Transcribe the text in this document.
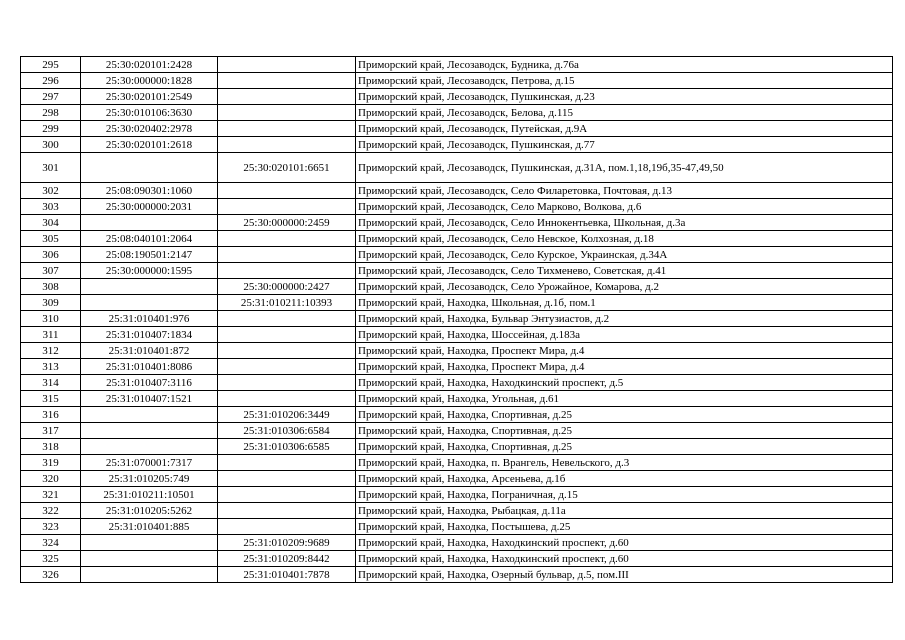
295	25:30:020101:2428		Приморский край, Лесозаводск, Будника, д.76а
296	25:30:000000:1828		Приморский край, Лесозаводск, Петрова, д.15
297	25:30:020101:2549		Приморский край, Лесозаводск, Пушкинская, д.23
298	25:30:010106:3630		Приморский край, Лесозаводск, Белова, д.115
299	25:30:020402:2978		Приморский край, Лесозаводск, Путейская, д.9А
300	25:30:020101:2618		Приморский край, Лесозаводск, Пушкинская, д.77
301		25:30:020101:6651	Приморский край, Лесозаводск, Пушкинская, д.31А, пом.1,18,19б,35-47,49,50
302	25:08:090301:1060		Приморский край, Лесозаводск, Село Филаретовка, Почтовая, д.13
303	25:30:000000:2031		Приморский край, Лесозаводск, Село Марково, Волкова, д.6
304		25:30:000000:2459	Приморский край, Лесозаводск, Село Иннокентьевка, Школьная, д.3а
305	25:08:040101:2064		Приморский край, Лесозаводск, Село Невское, Колхозная, д.18
306	25:08:190501:2147		Приморский край, Лесозаводск, Село Курское, Украинская, д.34А
307	25:30:000000:1595		Приморский край, Лесозаводск, Село Тихменево, Советская, д.41
308		25:30:000000:2427	Приморский край, Лесозаводск, Село Урожайное, Комарова, д.2
309		25:31:010211:10393	Приморский край, Находка, Школьная, д.1б, пом.1
310	25:31:010401:976		Приморский край, Находка, Бульвар Энтузиастов, д.2
311	25:31:010407:1834		Приморский край, Находка, Шоссейная, д.183а
312	25:31:010401:872		Приморский край, Находка, Проспект Мира, д.4
313	25:31:010401:8086		Приморский край, Находка, Проспект Мира, д.4
314	25:31:010407:3116		Приморский край, Находка, Находкинский проспект, д.5
315	25:31:010407:1521		Приморский край, Находка, Угольная, д.61
316		25:31:010206:3449	Приморский край, Находка, Спортивная, д.25
317		25:31:010306:6584	Приморский край, Находка, Спортивная, д.25
318		25:31:010306:6585	Приморский край, Находка, Спортивная, д.25
319	25:31:070001:7317		Приморский край, Находка, п. Врангель, Невельского, д.3
320	25:31:010205:749		Приморский край, Находка, Арсеньева, д.1б
321	25:31:010211:10501		Приморский край, Находка, Пограничная, д.15
322	25:31:010205:5262		Приморский край, Находка, Рыбацкая, д.11а
323	25:31:010401:885		Приморский край, Находка, Постышева, д.25
324		25:31:010209:9689	Приморский край, Находка, Находкинский проспект, д.60
325		25:31:010209:8442	Приморский край, Находка, Находкинский проспект, д.60
326		25:31:010401:7878	Приморский край, Находка, Озерный бульвар, д.5, пом.III
